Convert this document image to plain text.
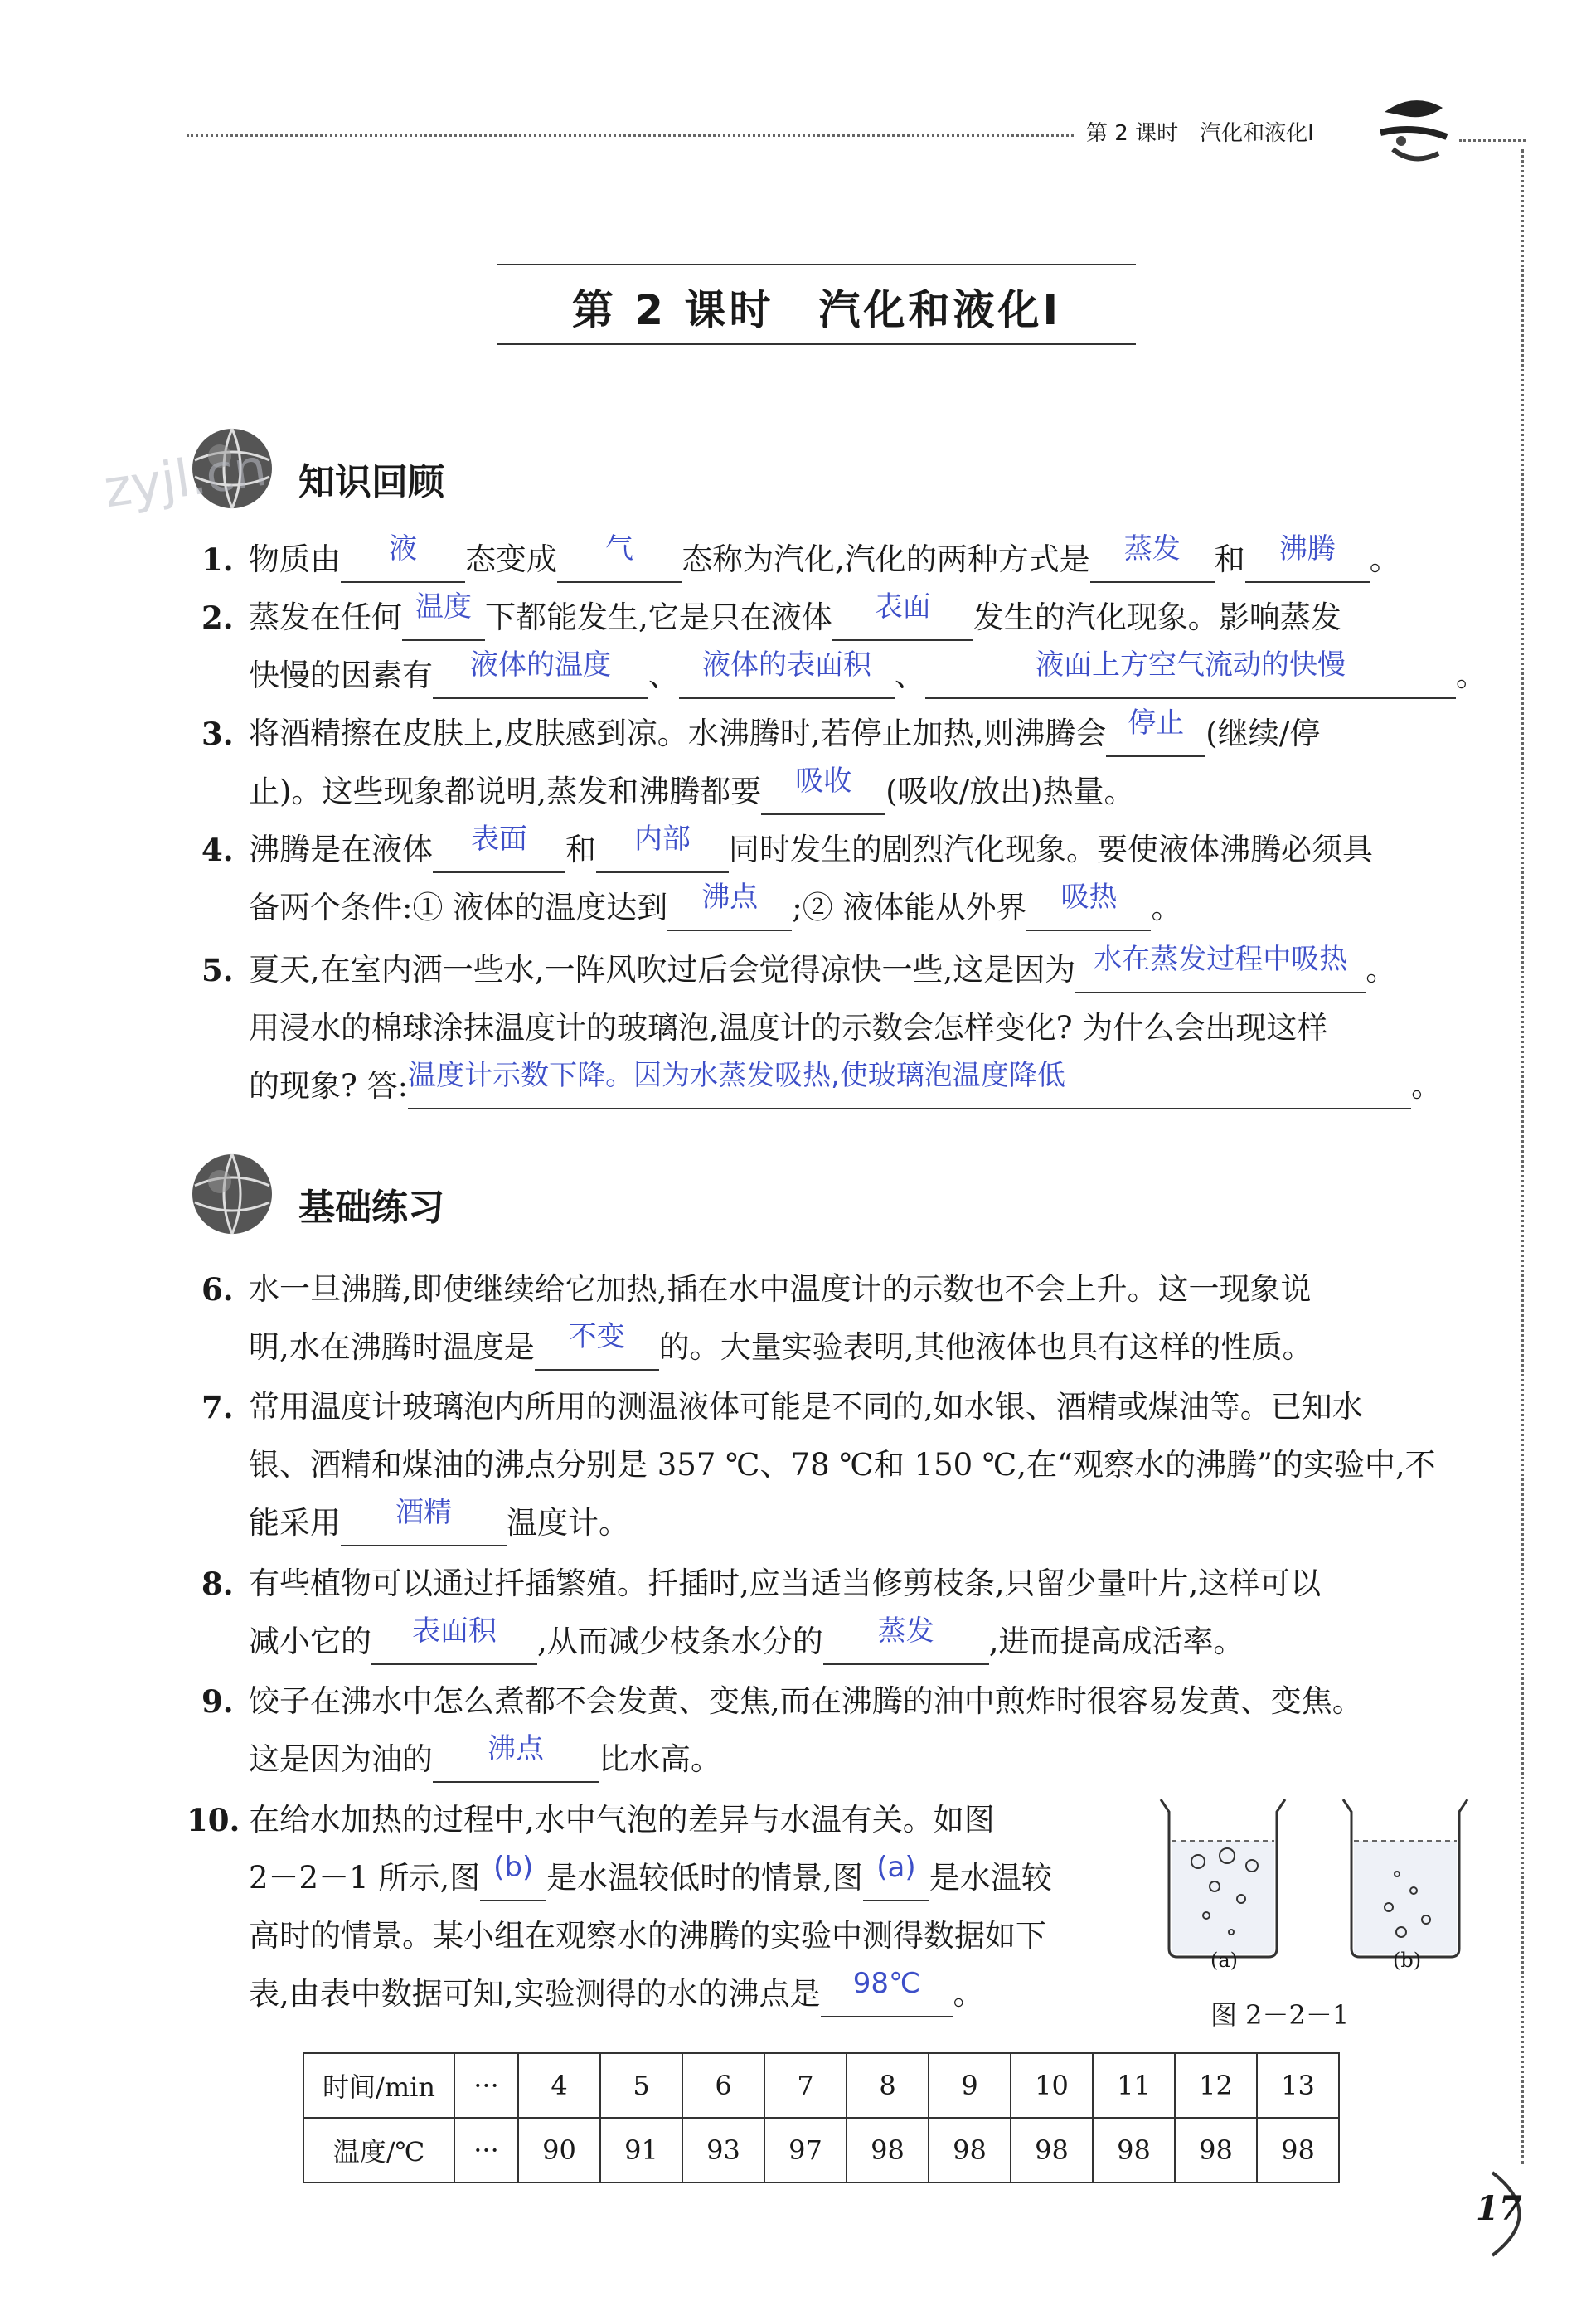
第 2 课时　汽化和液化Ⅰ
第 2 课时　汽化和液化Ⅰ
zyjl.cn 知识回顾
1. 物质由 液 态变成 气 态称为汽化,汽化的两种方式是 蒸发 和 沸腾 。
2. 蒸发在任何 温度 下都能发生,它是只在液体 表面 发生的汽化现象。影响蒸发
快慢的因素有 液体的温度 、 液体的表面积 、	液面上方空气流动的快慢	。
3. 将酒精擦在皮肤上,皮肤感到凉。水沸腾时,若停止加热,则沸腾会 停止 (继续/停
止)。这些现象都说明,蒸发和沸腾都要 吸收 (吸收/放出)热量。
4. 沸腾是在液体 表面 和 内部 同时发生的剧烈汽化现象。要使液体沸腾必须具
备两个条件:① 液体的温度达到 沸点 ;② 液体能从外界 吸热 。
5. 夏天,在室内洒一些水,一阵风吹过后会觉得凉快一些,这是因为 水在蒸发过程中吸热 。
用浸水的棉球涂抹温度计的玻璃泡,温度计的示数会怎样变化? 为什么会出现这样
的现象? 答:温度计示数下降。因为水蒸发吸热,使玻璃泡温度降低	。
基础练习
6. 水一旦沸腾,即使继续给它加热,插在水中温度计的示数也不会上升。这一现象说
明,水在沸腾时温度是 不变 的。大量实验表明,其他液体也具有这样的性质。
7. 常用温度计玻璃泡内所用的测温液体可能是不同的,如水银、酒精或煤油等。已知水
银、酒精和煤油的沸点分别是 357 ℃、78 ℃和 150 ℃,在“观察水的沸腾”的实验中,不
能采用 酒精 温度计。
8. 有些植物可以通过扦插繁殖。扦插时,应当适当修剪枝条,只留少量叶片,这样可以
减小它的 表面积 ,从而减少枝条水分的 蒸发 ,进而提高成活率。
9. 饺子在沸水中怎么煮都不会发黄、变焦,而在沸腾的油中煎炸时很容易发黄、变焦。
这是因为油的 沸点 比水高。
10. 在给水加热的过程中,水中气泡的差异与水温有关。如图
2－2－1 所示,图 (b) 是水温较低时的情景,图 (a) 是水温较
高时的情景。某小组在观察水的沸腾的实验中测得数据如下
表,由表中数据可知,实验测得的水的沸点是 98℃ 。
(a)	(b)
图 2－2－1
时间/min	···	4	5	6	7	8	9	10	11	12	13
温度/℃	···	90	91	93	97	98	98	98	98	98	98
17
